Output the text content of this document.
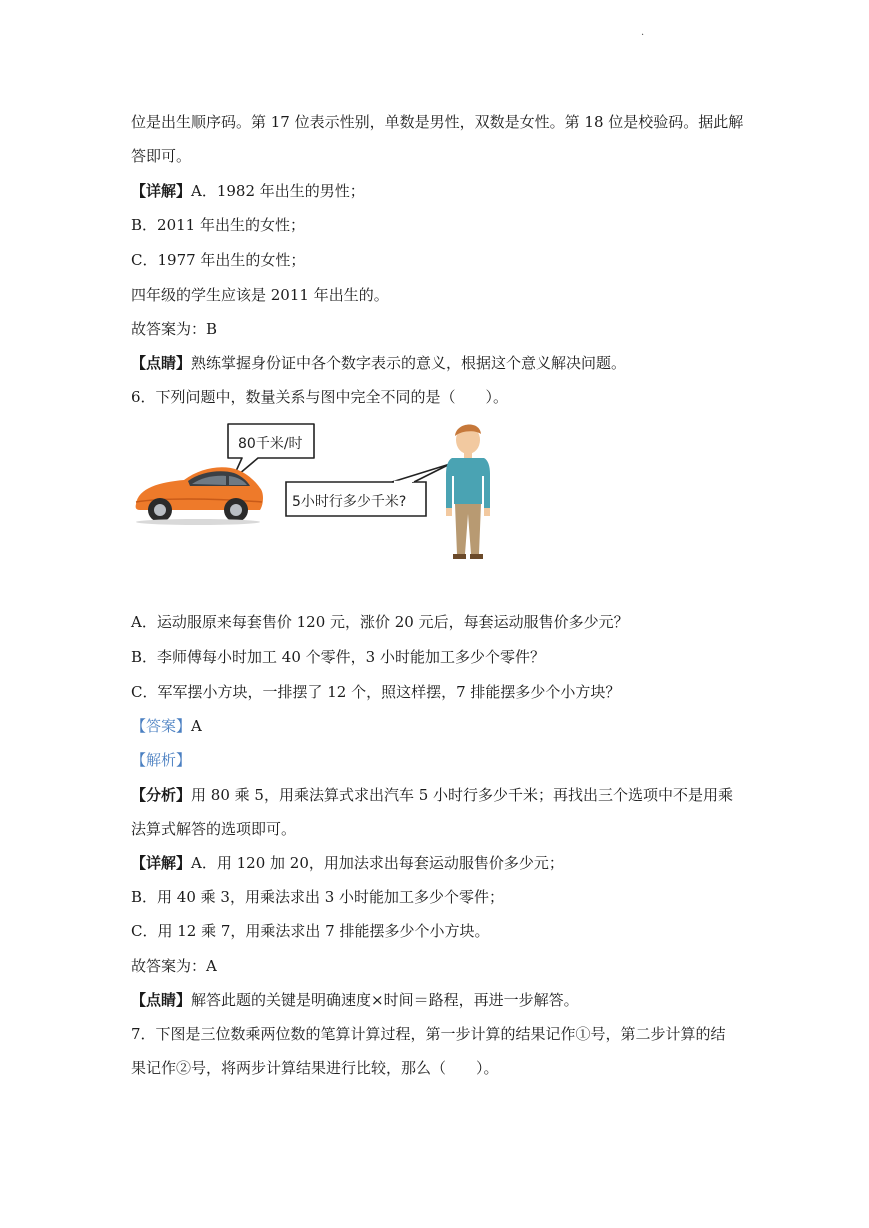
·
位是出生顺序码。第 17 位表示性别，单数是男性，双数是女性。第 18 位是校验码。据此解
答即可。
【详解】A．1982 年出生的男性；
B．2011 年出生的女性；
C．1977 年出生的女性；
四年级的学生应该是 2011 年出生的。
故答案为：B
【点睛】熟练掌握身份证中各个数字表示的意义，根据这个意义解决问题。
6．下列问题中，数量关系与图中完全不同的是（　　）。
80千米/时
5小时行多少千米?
A．运动服原来每套售价 120 元，涨价 20 元后，每套运动服售价多少元？
B．李师傅每小时加工 40 个零件，3 小时能加工多少个零件？
C．军军摆小方块，一排摆了 12 个，照这样摆，7 排能摆多少个小方块？
【答案】A
【解析】
【分析】用 80 乘 5，用乘法算式求出汽车 5 小时行多少千米；再找出三个选项中不是用乘
法算式解答的选项即可。
【详解】A．用 120 加 20，用加法求出每套运动服售价多少元；
B．用 40 乘 3，用乘法求出 3 小时能加工多少个零件；
C．用 12 乘 7，用乘法求出 7 排能摆多少个小方块。
故答案为：A
【点睛】解答此题的关键是明确速度×时间＝路程，再进一步解答。
7．下图是三位数乘两位数的笔算计算过程，第一步计算的结果记作①号，第二步计算的结
果记作②号，将两步计算结果进行比较，那么（　　）。
